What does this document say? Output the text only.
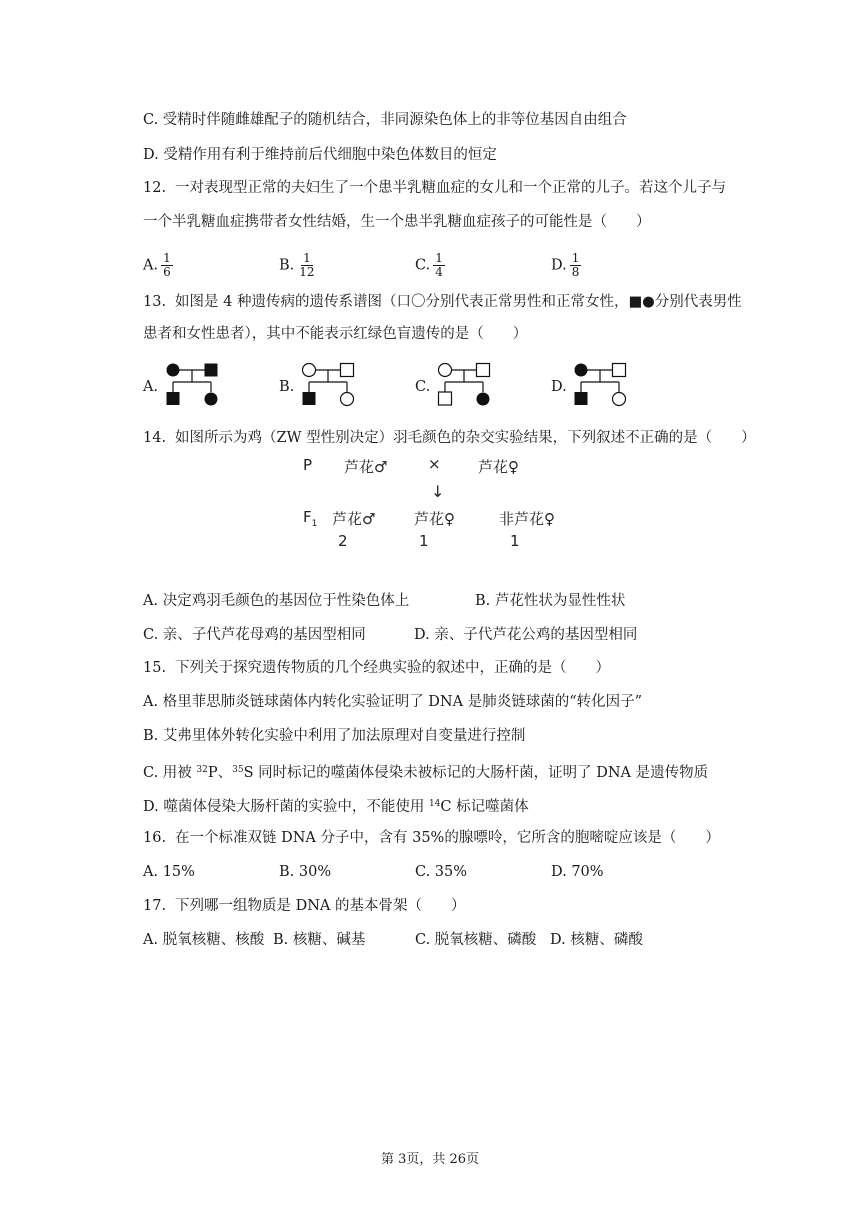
C. 受精时伴随雌雄配子的随机结合，非同源染色体上的非等位基因自由组合
D. 受精作用有利于维持前后代细胞中染色体数目的恒定
12. 一对表现型正常的夫妇生了一个患半乳糖血症的女儿和一个正常的儿子。若这个儿子与
一个半乳糖血症携带者女性结婚，生一个患半乳糖血症孩子的可能性是（　　）
A. $\frac{1}{6}$	B. $\frac{1}{12}$	C. $\frac{1}{4}$	D. $\frac{1}{8}$
13. 如图是 4 种遗传病的遗传系谱图（口〇分别代表正常男性和正常女性，■●分别代表男性
患者和女性患者），其中不能表示红绿色盲遗传的是（　　）
A.	B.	C.	D.
14. 如图所示为鸡（ZW 型性别决定）羽毛颜色的杂交实验结果，下列叙述不正确的是（　　）
P 芦花♂	× 芦花♀
↓
$F_1$ 芦花♂	芦花♀	非芦花♀
2	1	1
A. 决定鸡羽毛颜色的基因位于性染色体上	B. 芦花性状为显性性状
C. 亲、子代芦花母鸡的基因型相同	D. 亲、子代芦花公鸡的基因型相同
15. 下列关于探究遗传物质的几个经典实验的叙述中，正确的是（　　）
A. 格里菲思肺炎链球菌体内转化实验证明了 DNA 是肺炎链球菌的“转化因子”
B. 艾弗里体外转化实验中利用了加法原理对自变量进行控制
C. 用被 $^{32}$P、$^{35}$S 同时标记的噬菌体侵染未被标记的大肠杆菌，证明了 DNA 是遗传物质
D. 噬菌体侵染大肠杆菌的实验中，不能使用 $^{14}$C 标记噬菌体
16. 在一个标准双链 DNA 分子中，含有 35%的腺嘌呤，它所含的胞嘧啶应该是（　　）
A. 15%	B. 30%	C. 35%	D. 70%
17. 下列哪一组物质是 DNA 的基本骨架（　　）
A. 脱氧核糖、核酸 B. 核糖、碱基	C. 脱氧核糖、磷酸 D. 核糖、磷酸
第 3页，共 26页
